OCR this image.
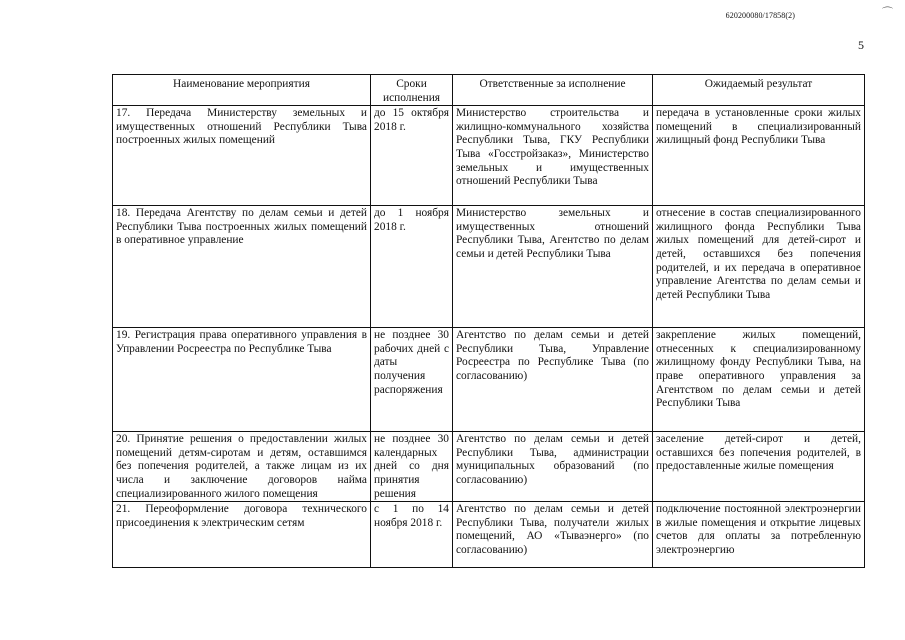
⌒
620200080/17858(2)
5
Наименование мероприятия	Сроки исполнения	Ответственные за исполнение	Ожидаемый результат
17. Передача Министерству земельных и имущественных отношений Республики Тыва построенных жилых помещений	до 15 октября 2018 г.	Министерство строительства и жилищно-коммунального хозяйства Республики Тыва, ГКУ Республики Тыва «Госстройзаказ», Министерство земельных и имущественных отношений Республики Тыва	передача в установленные сроки жилых помещений в специализированный жилищный фонд Республики Тыва
18. Передача Агентству по делам семьи и детей Республики Тыва построенных жилых помещений в оперативное управление	до 1 ноября 2018 г.	Министерство земельных и имущественных отношений Республики Тыва, Агентство по делам семьи и детей Республики Тыва	отнесение в состав специализированного жилищного фонда Республики Тыва жилых помещений для детей-сирот и детей, оставшихся без попечения родителей, и их передача в оперативное управление Агентства по делам семьи и детей Республики Тыва
19. Регистрация права оперативного управления в Управлении Росреестра по Республике Тыва	не позднее 30 рабочих дней с даты получения распоряжения	Агентство по делам семьи и детей Республики Тыва, Управление Росреестра по Республике Тыва (по согласованию)	закрепление жилых помещений, отнесенных к специализированному жилищному фонду Республики Тыва, на праве оперативного управления за Агентством по делам семьи и детей Республики Тыва
20. Принятие решения о предоставлении жилых помещений детям-сиротам и детям, оставшимся без попечения родителей, а также лицам из их числа и заключение договоров найма специализированного жилого помещения	не позднее 30 календарных дней со дня принятия решения	Агентство по делам семьи и детей Республики Тыва, администрации муниципальных образований (по согласованию)	заселение детей-сирот и детей, оставшихся без попечения родителей, в предоставленные жилые помещения
21. Переоформление договора технического присоединения к электрическим сетям	с 1 по 14 ноября 2018 г.	Агентство по делам семьи и детей Республики Тыва, получатели жилых помещений, АО «Тываэнерго» (по согласованию)	подключение постоянной электроэнергии в жилые помещения и открытие лицевых счетов для оплаты за потребленную электроэнергию
